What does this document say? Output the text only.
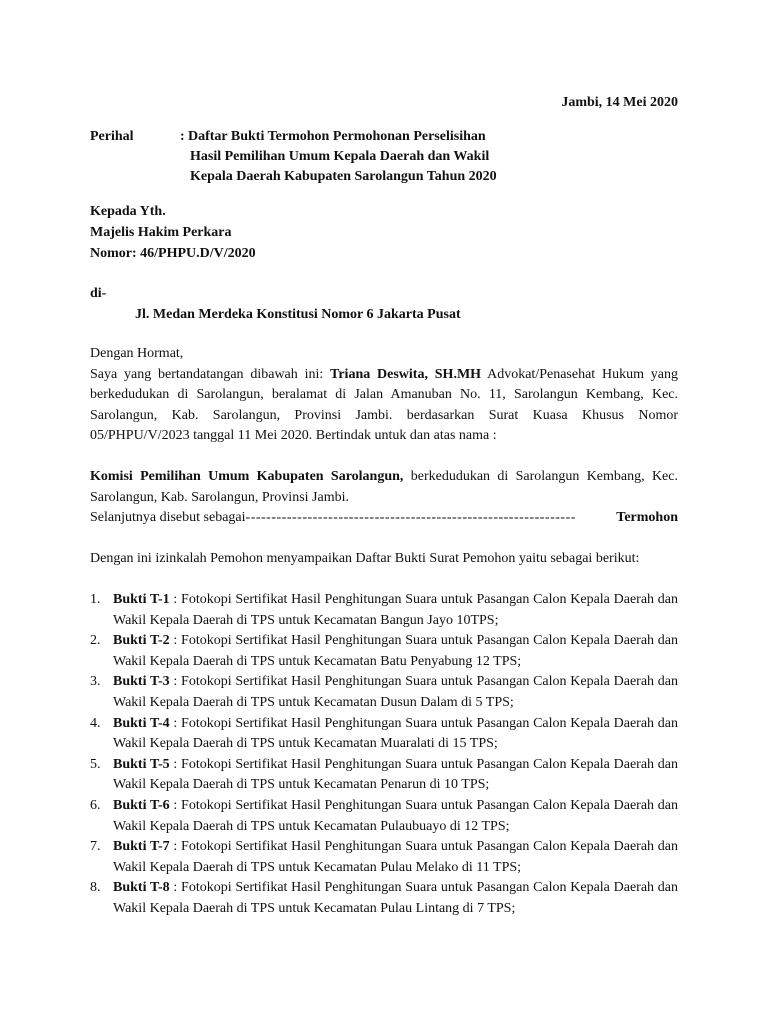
Jambi, 14 Mei 2020
Perihal	: Daftar Bukti Termohon Permohonan Perselisihan
Hasil Pemilihan Umum Kepala Daerah dan Wakil
Kepala Daerah Kabupaten Sarolangun Tahun 2020
Kepada Yth.
Majelis Hakim Perkara
Nomor: 46/PHPU.D/V/2020
di-
Jl. Medan Merdeka Konstitusi Nomor 6 Jakarta Pusat
Dengan Hormat,
Saya yang bertandatangan dibawah ini: Triana Deswita, SH.MH Advokat/Penasehat Hukum yang berkedudukan di Sarolangun, beralamat di Jalan Amanuban No. 11, Sarolangun Kembang, Kec. Sarolangun, Kab. Sarolangun, Provinsi Jambi. berdasarkan Surat Kuasa Khusus Nomor 05/PHPU/V/2023 tanggal 11 Mei 2020. Bertindak untuk dan atas nama :
Komisi Pemilihan Umum Kabupaten Sarolangun, berkedudukan di Sarolangun Kembang, Kec. Sarolangun, Kab. Sarolangun, Provinsi Jambi.
Selanjutnya disebut sebagai ----------------------------------------------------------------	Termohon
Dengan ini izinkalah Pemohon menyampaikan Daftar Bukti Surat Pemohon yaitu sebagai berikut:
1. Bukti T-1 : Fotokopi Sertifikat Hasil Penghitungan Suara untuk Pasangan Calon Kepala Daerah dan Wakil Kepala Daerah di TPS untuk Kecamatan Bangun Jayo 10TPS;
2. Bukti T-2 : Fotokopi Sertifikat Hasil Penghitungan Suara untuk Pasangan Calon Kepala Daerah dan Wakil Kepala Daerah di TPS untuk Kecamatan Batu Penyabung 12 TPS;
3. Bukti T-3 : Fotokopi Sertifikat Hasil Penghitungan Suara untuk Pasangan Calon Kepala Daerah dan Wakil Kepala Daerah di TPS untuk Kecamatan Dusun Dalam di 5 TPS;
4. Bukti T-4 : Fotokopi Sertifikat Hasil Penghitungan Suara untuk Pasangan Calon Kepala Daerah dan Wakil Kepala Daerah di TPS untuk Kecamatan Muaralati di 15 TPS;
5. Bukti T-5 : Fotokopi Sertifikat Hasil Penghitungan Suara untuk Pasangan Calon Kepala Daerah dan Wakil Kepala Daerah di TPS untuk Kecamatan Penarun di 10 TPS;
6. Bukti T-6 : Fotokopi Sertifikat Hasil Penghitungan Suara untuk Pasangan Calon Kepala Daerah dan Wakil Kepala Daerah di TPS untuk Kecamatan Pulaubuayo di 12 TPS;
7. Bukti T-7 : Fotokopi Sertifikat Hasil Penghitungan Suara untuk Pasangan Calon Kepala Daerah dan Wakil Kepala Daerah di TPS untuk Kecamatan Pulau Melako di 11 TPS;
8. Bukti T-8 : Fotokopi Sertifikat Hasil Penghitungan Suara untuk Pasangan Calon Kepala Daerah dan Wakil Kepala Daerah di TPS untuk Kecamatan Pulau Lintang di 7 TPS;
